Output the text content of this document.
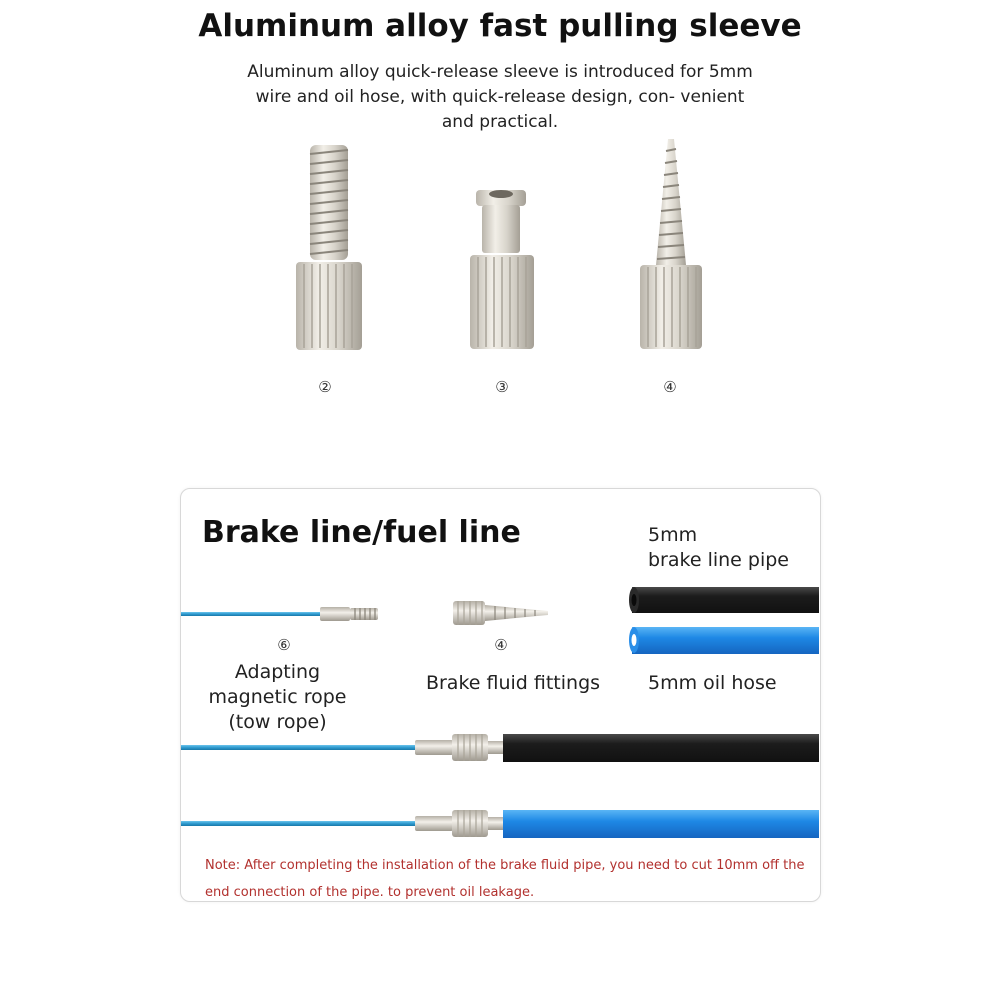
Aluminum alloy fast pulling sleeve
Aluminum alloy quick-release sleeve is introduced for 5mm wire and oil hose, with quick-release design, con- venient and practical.
②	③	④
Brake line/fuel line
⑥	④
Adapting
magnetic rope
(tow rope)
Brake fluid fittings
5mm
brake line pipe
5mm oil hose
Note: After completing the installation of the brake fluid pipe, you need to cut 10mm off the end connection of the pipe. to prevent oil leakage.
